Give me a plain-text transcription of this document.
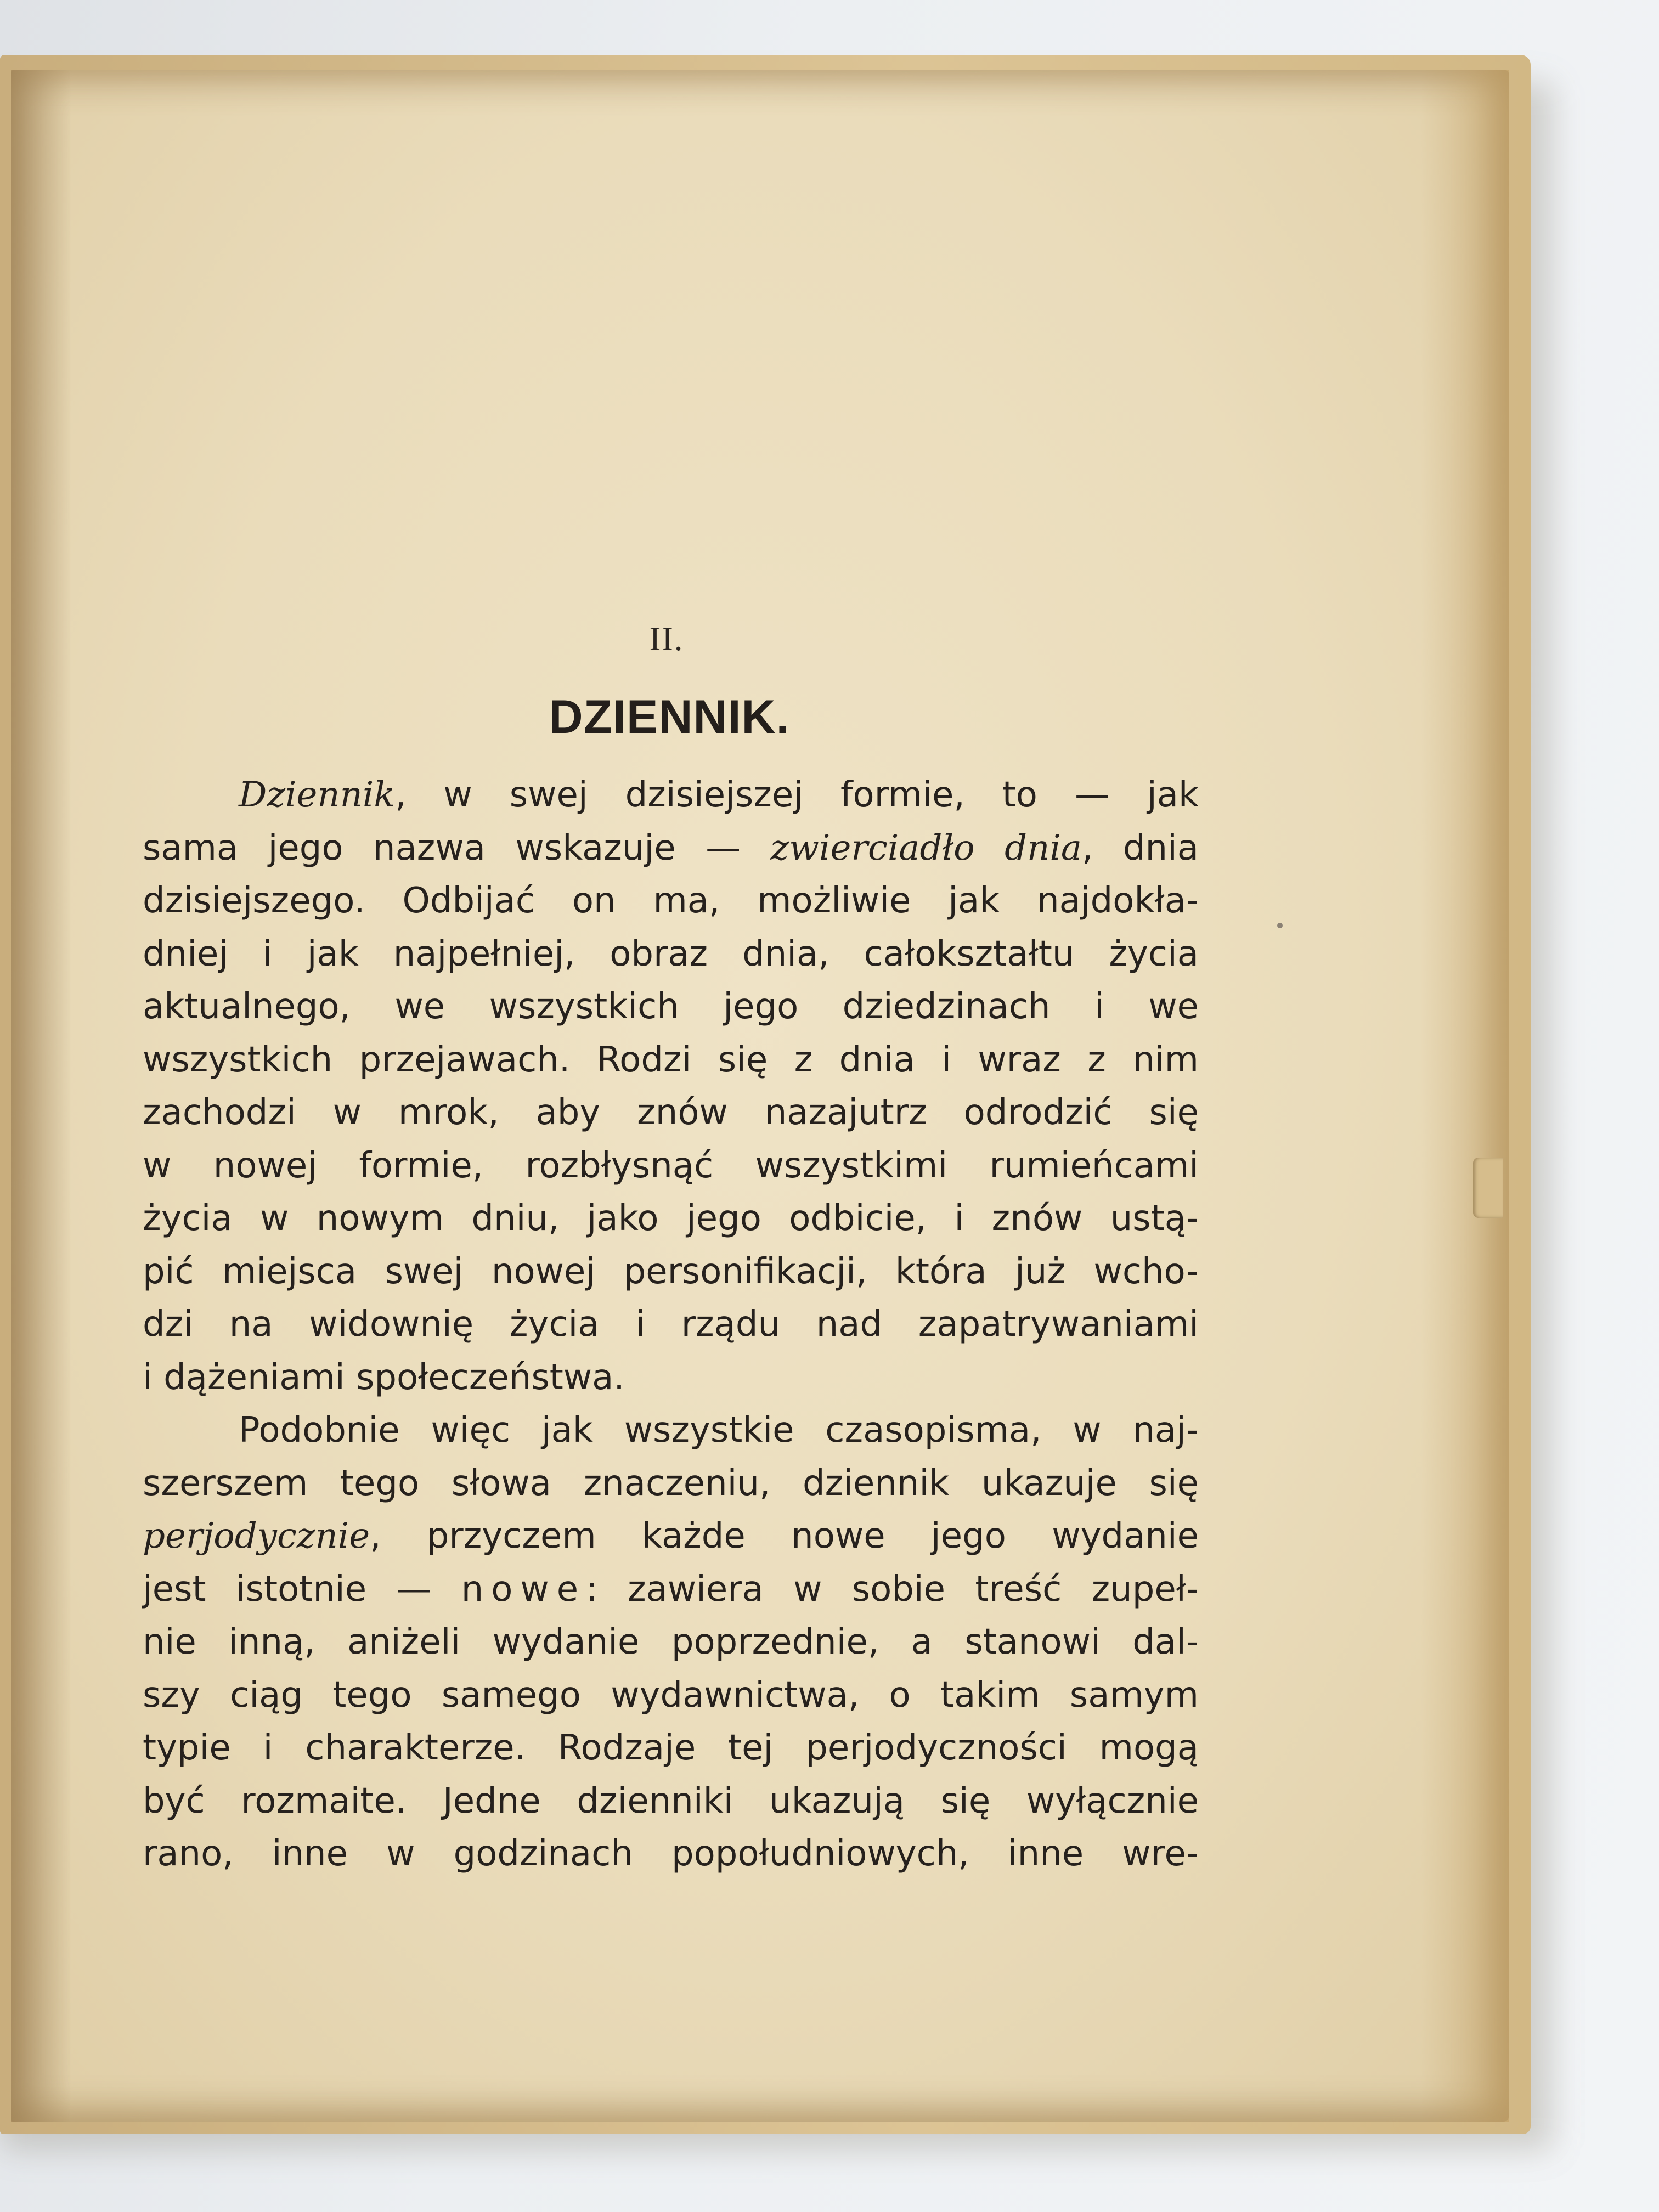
II.
DZIENNIK.
Dziennik, w swej dzisiejszej formie, to — jak
sama jego nazwa wskazuje — zwierciadło dnia, dnia
dzisiejszego. Odbijać on ma, możliwie jak najdokła-
dniej i jak najpełniej, obraz dnia, całokształtu życia
aktualnego, we wszystkich jego dziedzinach i we
wszystkich przejawach. Rodzi się z dnia i wraz z nim
zachodzi w mrok, aby znów nazajutrz odrodzić się
w nowej formie, rozbłysnąć wszystkimi rumieńcami
życia w nowym dniu, jako jego odbicie, i znów ustą-
pić miejsca swej nowej personifikacji, która już wcho-
dzi na widownię życia i rządu nad zapatrywaniami
i dążeniami społeczeństwa.
Podobnie więc jak wszystkie czasopisma, w naj-
szerszem tego słowa znaczeniu, dziennik ukazuje się
perjodycznie, przyczem każde nowe jego wydanie
jest istotnie — nowe: zawiera w sobie treść zupeł-
nie inną, aniżeli wydanie poprzednie, a stanowi dal-
szy ciąg tego samego wydawnictwa, o takim samym
typie i charakterze. Rodzaje tej perjodyczności mogą
być rozmaite. Jedne dzienniki ukazują się wyłącznie
rano, inne w godzinach popołudniowych, inne wre-
